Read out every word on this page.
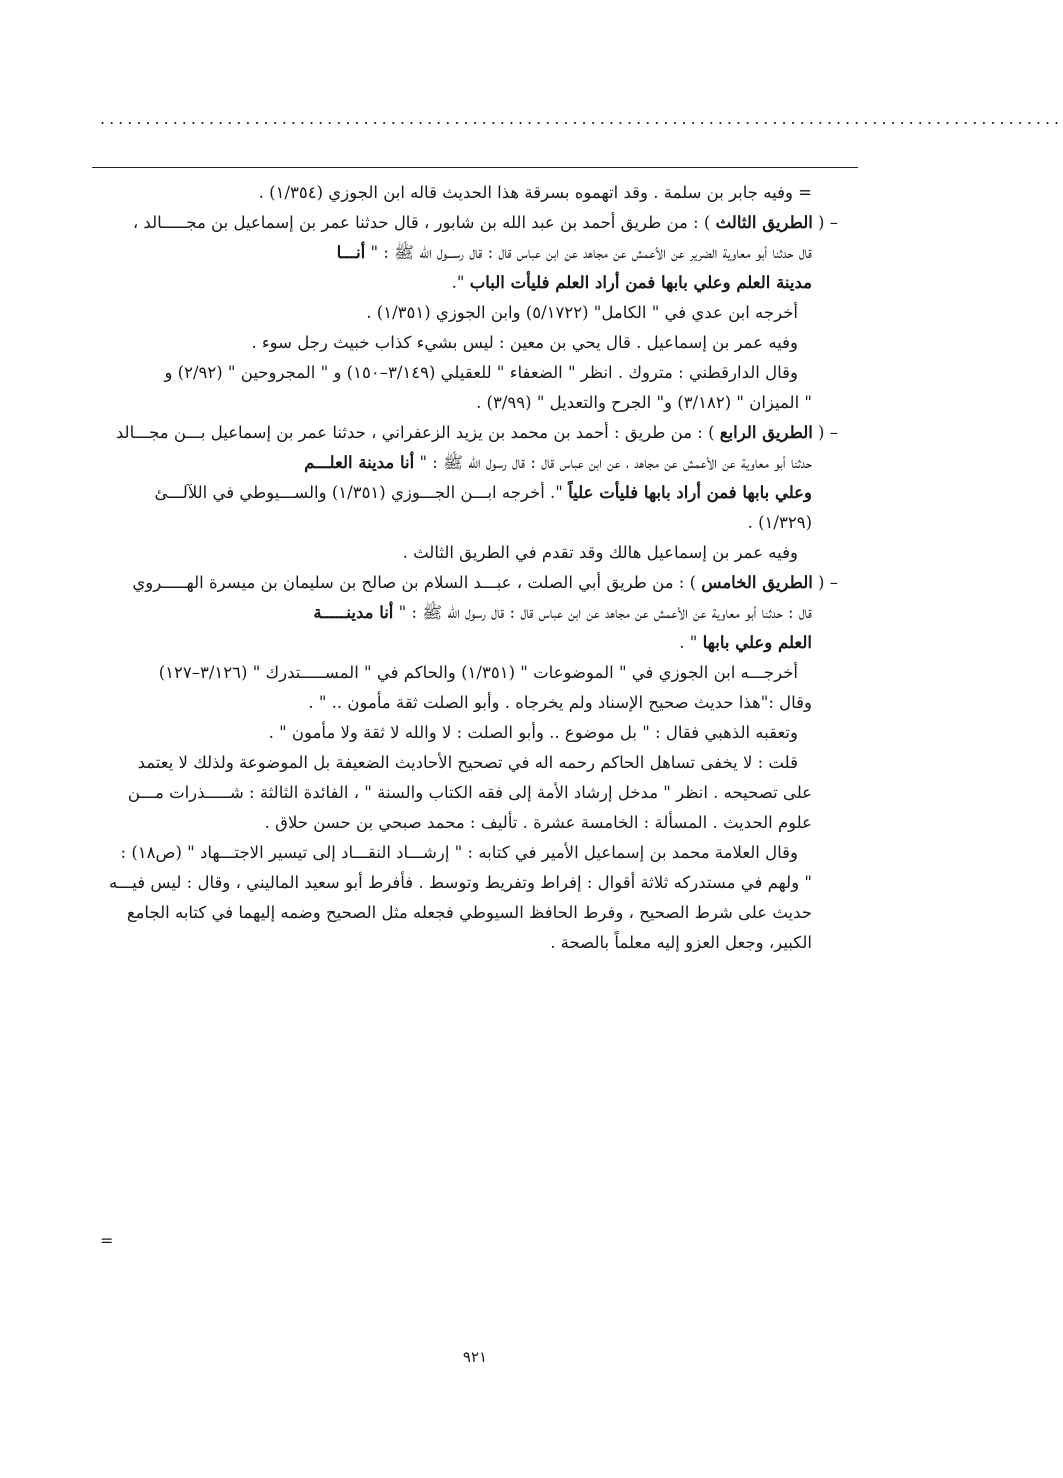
..........................................................................................................
= وفيه جابر بن سلمة . وقد اتهموه بسرقة هذا الحديث قاله ابن الجوزي (١/٣٥٤) .
– ( الطريق الثالث ) : من طريق أحمد بن عبد الله بن شابور ، قال حدثنا عمر بن إسماعيل بن مجـــــالد ،
قال حدثنا أبو معاوية الضرير عن الأعمش عن مجاهد عن ابن عباس قال : قال رســـول الله ﷺ : " أنـــا
مدينة العلم وعلي بابها فمن أراد العلم فليأت الباب ".
أخرجه ابن عدي في " الكامل" (٥/١٧٢٢) وابن الجوزي (١/٣٥١) .
وفيه عمر بن إسماعيل . قال يحي بن معين : ليس بشيء كذاب خبيث رجل سوء .
وقال الدارقطني : متروك . انظر " الضعفاء " للعقيلي (٣/١٤٩–١٥٠) و " المجروحين " (٢/٩٢) و
" الميزان " (٣/١٨٢) و" الجرح والتعديل " (٣/٩٩) .
– ( الطريق الرابع ) : من طريق : أحمد بن محمد بن يزيد الزعفراني ، حدثنا عمر بن إسماعيل بـــن مجـــالد
حدثنا أبو معاوية عن الأعمش عن مجاهد ، عن ابن عباس قال : قال رسول الله ﷺ : " أنا مدينة العلـــم
وعلي بابها فمن أراد بابها فليأت علياً ". أخرجه ابـــن الجـــوزي (١/٣٥١) والســـيوطي في اللآلـــئ
(١/٣٢٩) .
وفيه عمر بن إسماعيل هالك وقد تقدم في الطريق الثالث .
– ( الطريق الخامس ) : من طريق أبي الصلت ، عبـــد السلام بن صالح بن سليمان بن ميسرة الهـــــروي
قال : حدثنا أبو معاوية عن الأعمش عن مجاهد عن ابن عباس قال : قال رسول الله ﷺ : " أنا مدينـــــة
العلم وعلي بابها " .
أخرجـــه ابن الجوزي في " الموضوعات " (١/٣٥١) والحاكم في " المســـــتدرك " (٣/١٢٦–١٢٧)
وقال :"هذا حديث صحيح الإسناد ولم يخرجاه . وأبو الصلت ثقة مأمون .. " .
وتعقبه الذهبي فقال : " بل موضوع .. وأبو الصلت : لا والله لا ثقة ولا مأمون " .
قلت : لا يخفى تساهل الحاكم رحمه اله في تصحيح الأحاديث الضعيفة بل الموضوعة ولذلك لا يعتمد
على تصحيحه . انظر " مدخل إرشاد الأمة إلى فقه الكتاب والسنة " ، الفائدة الثالثة : شـــــذرات مـــن
علوم الحديث . المسألة : الخامسة عشرة . تأليف : محمد صبحي بن حسن حلاق .
وقال العلامة محمد بن إسماعيل الأمير في كتابه : " إرشـــاد النقـــاد إلى تيسير الاجتـــهاد " (ص١٨) :
" ولهم في مستدركه ثلاثة أقوال : إفراط وتفريط وتوسط . فأفرط أبو سعيد الماليني ، وقال : ليس فيـــه
حديث على شرط الصحيح ، وفرط الحافظ السيوطي فجعله مثل الصحيح وضمه إليهما في كتابه الجامع
الكبير، وجعل العزو إليه معلماً بالصحة .
=
٩٢١
